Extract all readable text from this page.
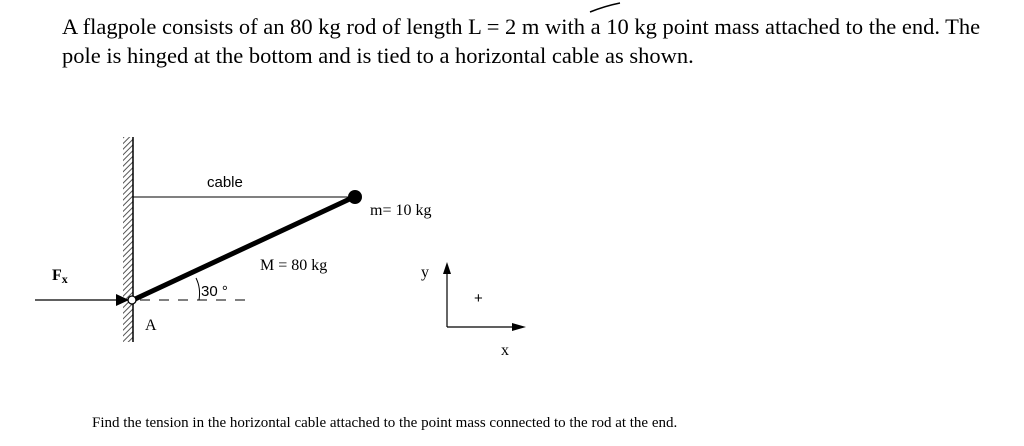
A flagpole consists of an 80 kg rod of length L = 2 m with a 10 kg point mass attached to the end. The pole is hinged at the bottom and is tied to a horizontal cable as shown.

cable
m= 10 kg
M = 80 kg
30 °
Fx
A
y
x
+

Find the tension in the horizontal cable attached to the point mass connected to the rod at the end.
